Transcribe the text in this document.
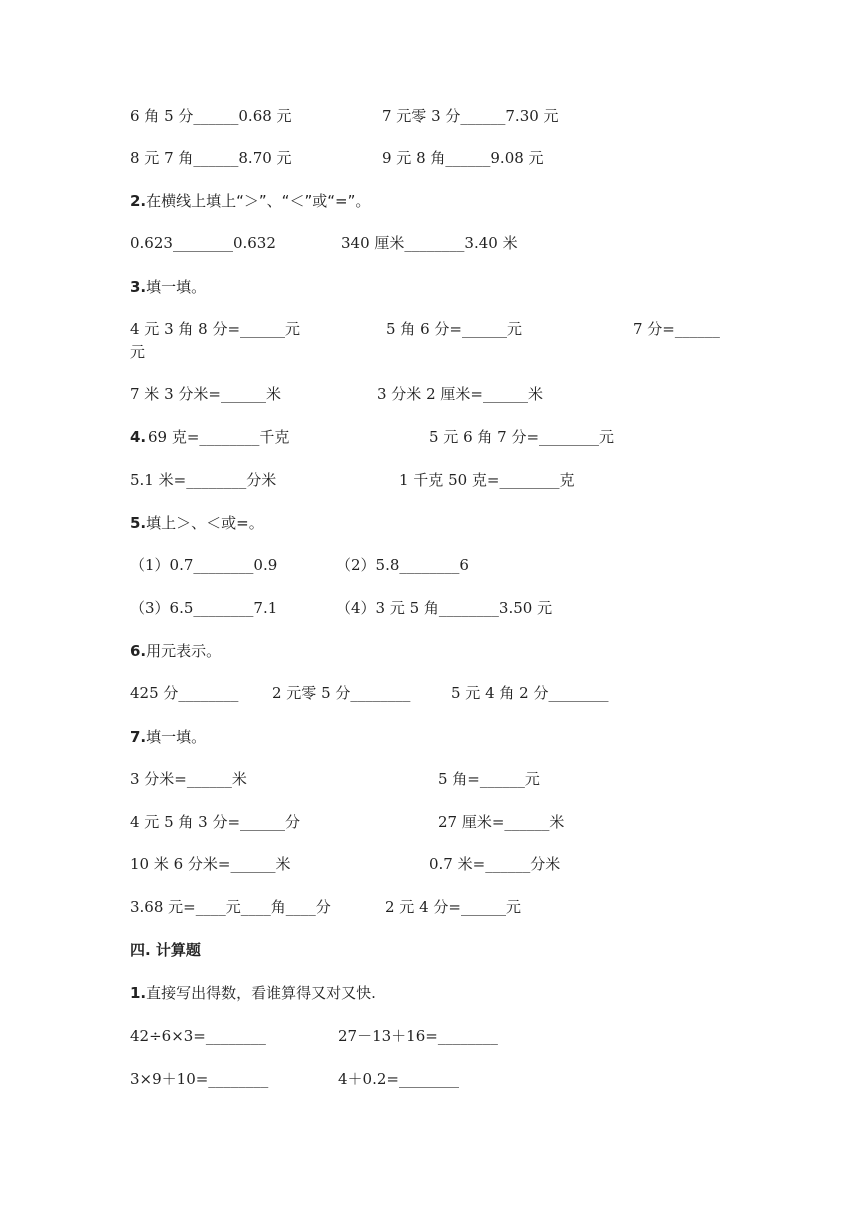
6 角 5 分______0.68 元	7 元零 3 分______7.30 元
8 元 7 角______8.70 元	9 元 8 角______9.08 元
2.在横线上填上“＞”、“＜”或“=”。
0.623________0.632	340 厘米________3.40 米
3.填一填。
4 元 3 角 8 分=______元	5 角 6 分=______元	7 分=______
元
7 米 3 分米=______米	3 分米 2 厘米=______米
4. 69 克=________千克	5 元 6 角 7 分=________元
5.1 米=________分米	1 千克 50 克=________克
5.填上＞、＜或=。
（1）0.7________0.9	（2）5.8________6
（3）6.5________7.1	（4）3 元 5 角________3.50 元
6.用元表示。
425 分________ 2 元零 5 分________	5 元 4 角 2 分________
7.填一填。
3 分米=______米	5 角=______元
4 元 5 角 3 分=______分	27 厘米=______米
10 米 6 分米=______米	0.7 米=______分米
3.68 元=____元____角____分	2 元 4 分=______元
四. 计算题
1.直接写出得数，看谁算得又对又快.
42÷6×3=________	27－13＋16=________
3×9＋10=________	4＋0.2=________
